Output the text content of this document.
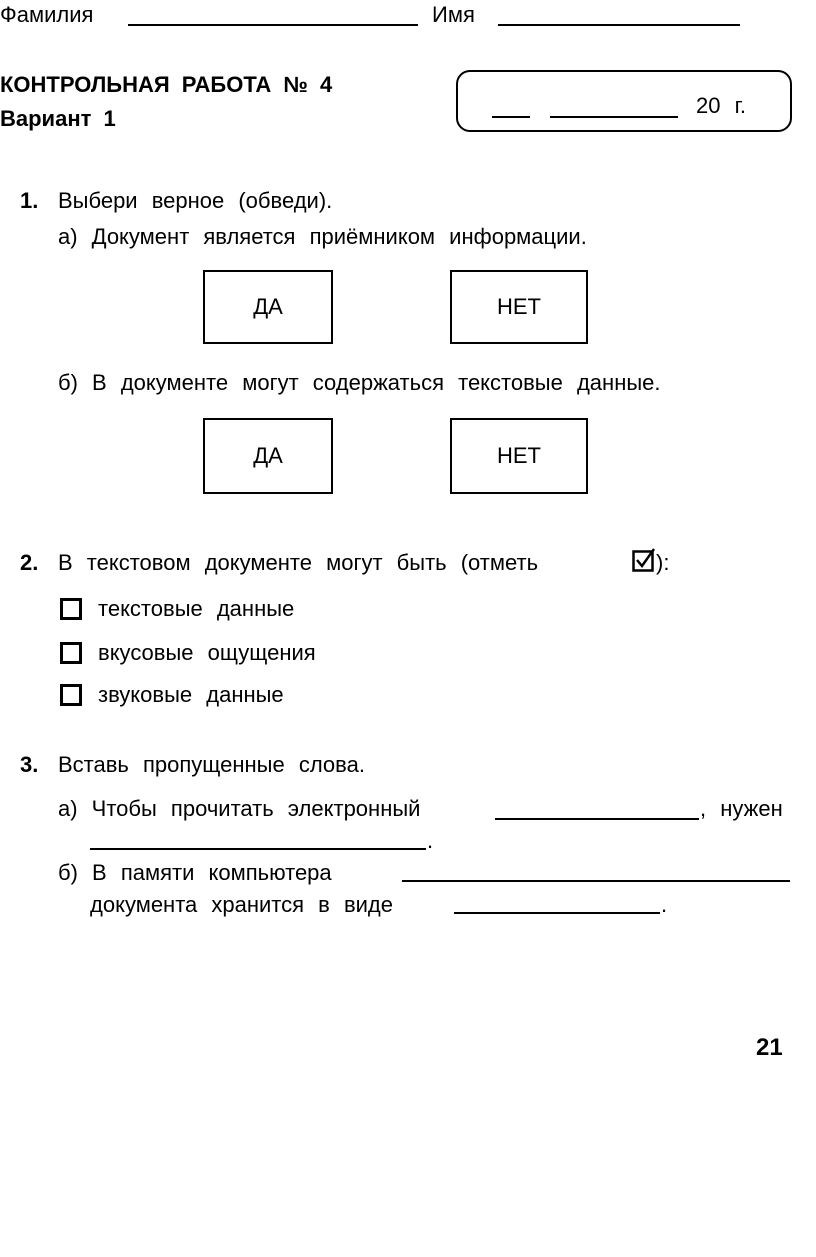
Фамилия	Имя
КОНТРОЛЬНАЯ РАБОТА № 4
Вариант 1
20 г.
1. Выбери верное (обведи).
а) Документ является приёмником информации.
ДА	НЕТ
б) В документе могут содержаться текстовые данные.
ДА	НЕТ
2. В текстовом документе могут быть (отметь	):
текстовые данные
вкусовые ощущения
звуковые данные
3. Вставь пропущенные слова.
а) Чтобы прочитать электронный	, нужен
.
б) В памяти компьютера
документа хранится в виде	.
21
